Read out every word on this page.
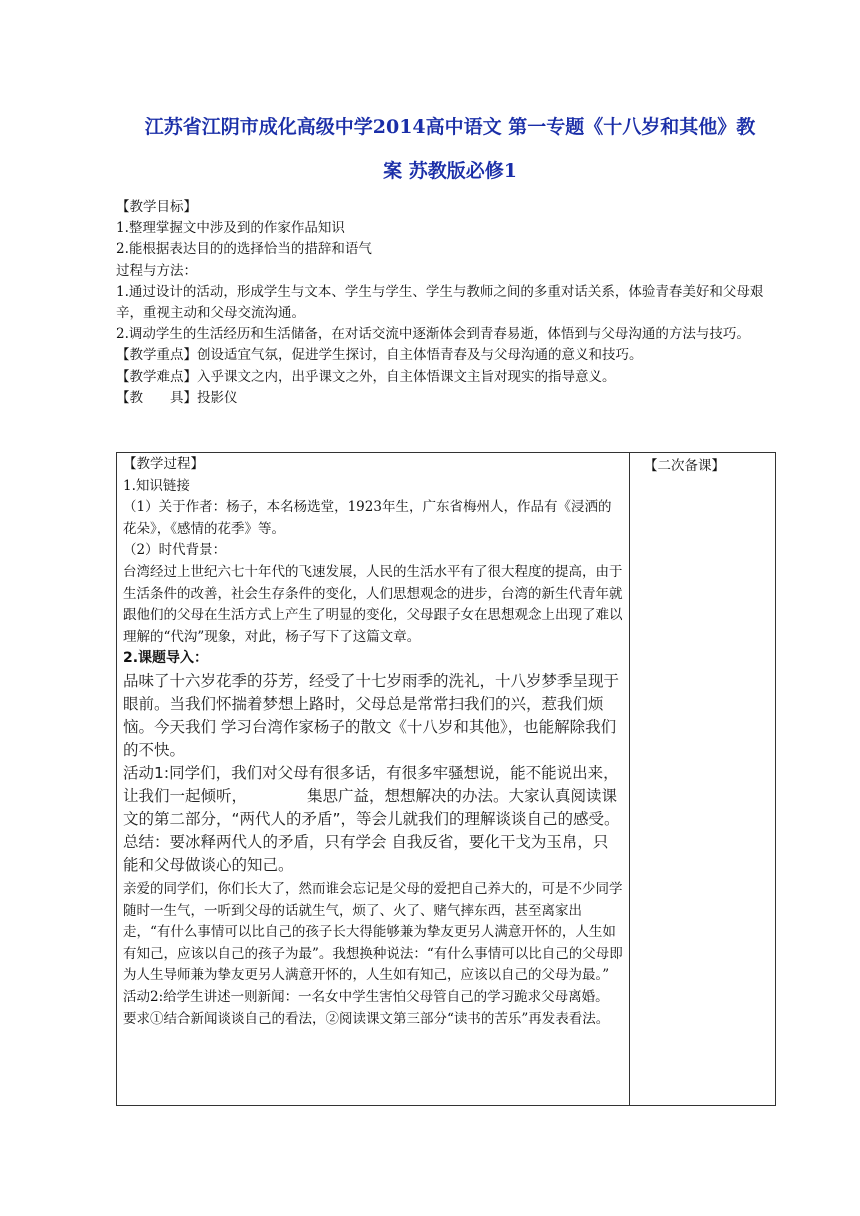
江苏省江阴市成化高级中学2014高中语文 第一专题《十八岁和其他》教
案 苏教版必修1

【教学目标】

1.整理掌握文中涉及到的作家作品知识

2.能根据表达目的的选择恰当的措辞和语气

过程与方法：

1.通过设计的活动，形成学生与文本、学生与学生、学生与教师之间的多重对话关系，体验青春美好和父母艰辛，重视主动和父母交流沟通。

2.调动学生的生活经历和生活储备，在对话交流中逐渐体会到青春易逝，体悟到与父母沟通的方法与技巧。

【教学重点】创设适宜气氛，促进学生探讨，自主体悟青春及与父母沟通的意义和技巧。

【教学难点】入乎课文之内，出乎课文之外，自主体悟课文主旨对现实的指导意义。

【教　　具】投影仪

【教学过程】

1.知识链接

（1）关于作者：杨子，本名杨选堂，1923年生，广东省梅州人，作品有《浸洒的花朵》，《感情的花季》等。

（2）时代背景：

台湾经过上世纪六七十年代的飞速发展，人民的生活水平有了很大程度的提高，由于生活条件的改善，社会生存条件的变化，人们思想观念的进步，台湾的新生代青年就跟他们的父母在生活方式上产生了明显的变化，父母跟子女在思想观念上出现了难以理解的“代沟”现象，对此，杨子写下了这篇文章。

2.课题导入：

品味了十六岁花季的芬芳，经受了十七岁雨季的洗礼，十八岁梦季呈现于眼前。当我们怀揣着梦想上路时，父母总是常常扫我们的兴，惹我们烦恼。今天我们 学习台湾作家杨子的散文《十八岁和其他》，也能解除我们的不快。

活动1:同学们，我们对父母有很多话，有很多牢骚想说，能不能说出来，让我们一起倾听，	集思广益，想想解决的办法。大家认真阅读课文的第二部分，“两代人的矛盾”，等会儿就我们的理解谈谈自己的感受。

总结：要冰释两代人的矛盾，只有学会 自我反省，要化干戈为玉帛，只能和父母做谈心的知己。

亲爱的同学们，你们长大了，然而谁会忘记是父母的爱把自己养大的，可是不少同学随时一生气，一听到父母的话就生气，烦了、火了、赌气摔东西，甚至离家出走，“有什么事情可以比自己的孩子长大得能够兼为挚友更另人满意开怀的，人生如有知己，应该以自己的孩子为最”。我想换种说法：“有什么事情可以比自己的父母即为人生导师兼为挚友更另人满意开怀的，人生如有知己，应该以自己的父母为最。”

活动2:给学生讲述一则新闻：一名女中学生害怕父母管自己的学习跪求父母离婚。

要求①结合新闻谈谈自己的看法，②阅读课文第三部分“读书的苦乐”再发表看法。

	【二次备课】
